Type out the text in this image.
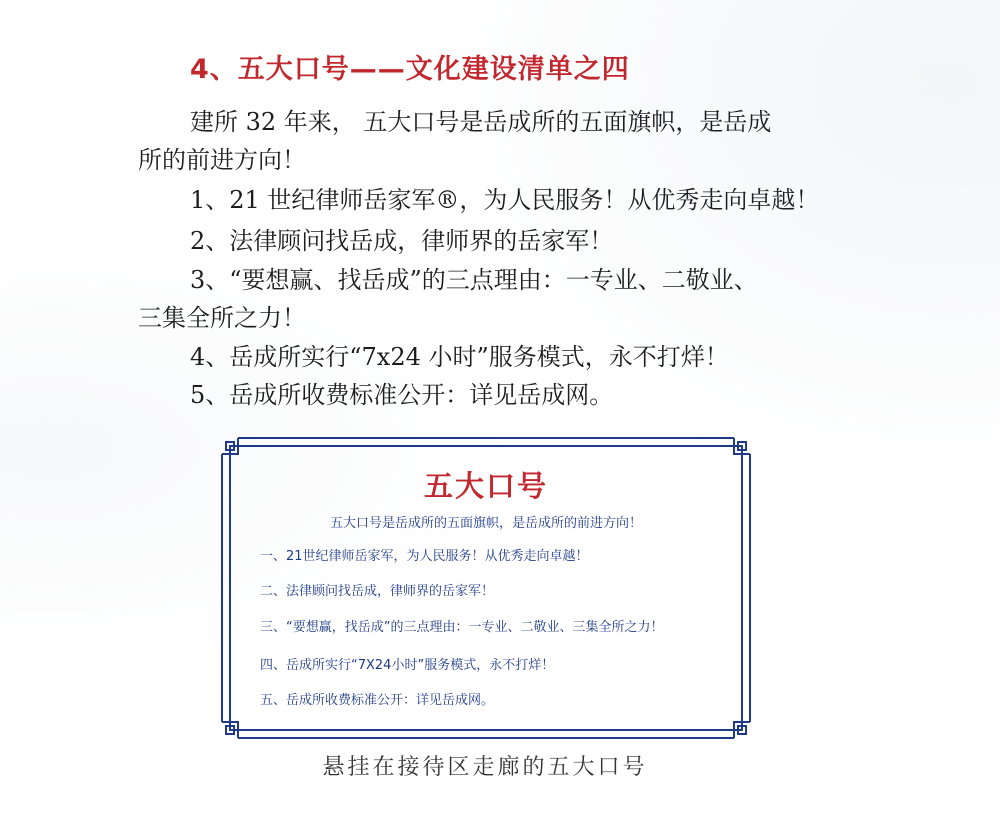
4、五大口号——文化建设清单之四
建所 32 年来， 五大口号是岳成所的五面旗帜，是岳成
所的前进方向！
1、21 世纪律师岳家军®，为人民服务！从优秀走向卓越！
2、法律顾问找岳成，律师界的岳家军！
3、“要想赢、找岳成”的三点理由：一专业、二敬业、
三集全所之力！
4、岳成所实行“7x24 小时”服务模式，永不打烊！
5、岳成所收费标准公开：详见岳成网。
五大口号
五大口号是岳成所的五面旗帜，是岳成所的前进方向！
一、21世纪律师岳家军，为人民服务！从优秀走向卓越！
二、法律顾问找岳成，律师界的岳家军！
三、“要想赢，找岳成”的三点理由：一专业、二敬业、三集全所之力！
四、岳成所实行“7X24小时”服务模式，永不打烊！
五、岳成所收费标准公开：详见岳成网。
悬挂在接待区走廊的五大口号
